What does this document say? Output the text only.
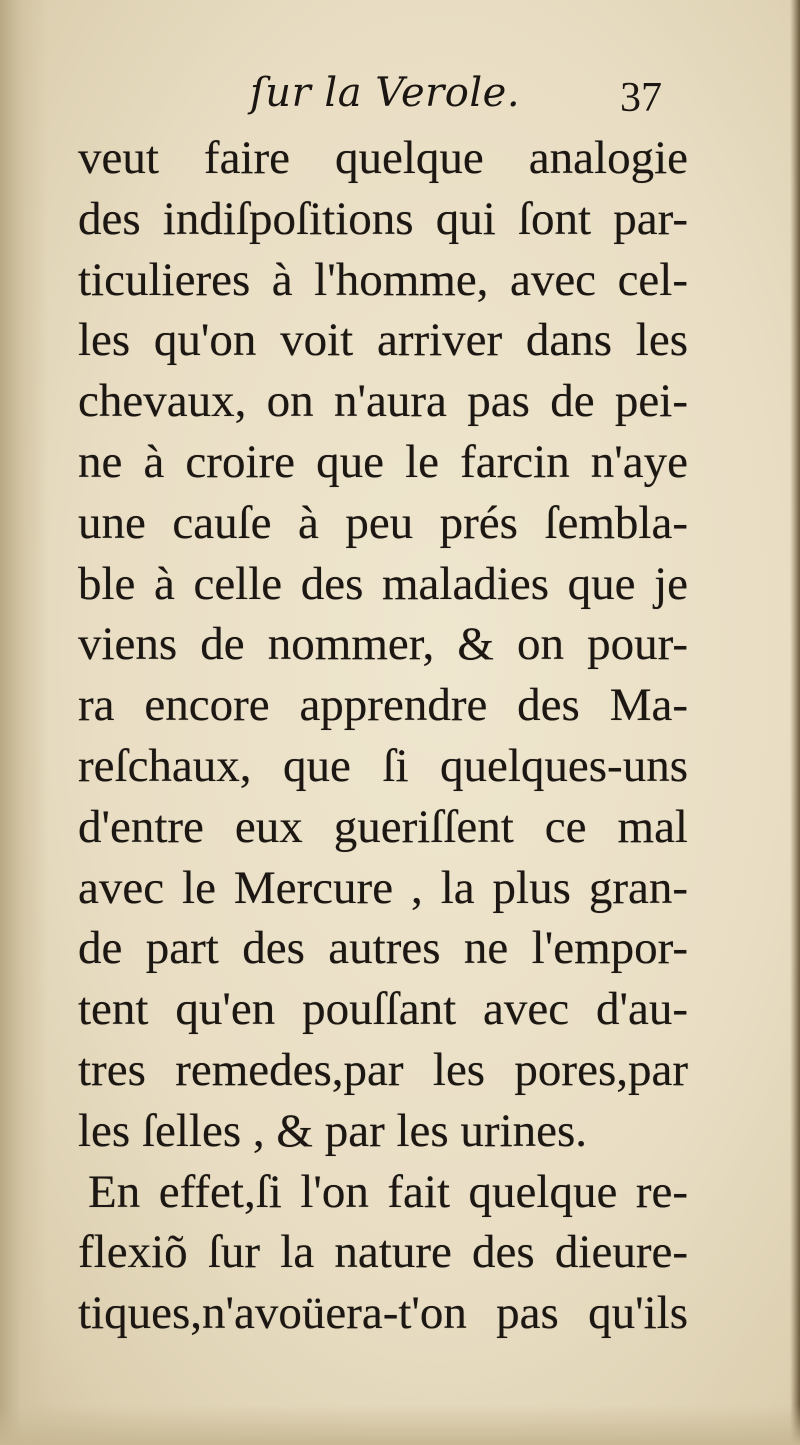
ſur la Verole. 37
veut faire quelque analogie
des indiſpoſitions qui ſont par-
ticulieres à l'homme, avec cel-
les qu'on voit arriver dans les
chevaux, on n'aura pas de pei-
ne à croire que le farcin n'aye
une cauſe à peu prés ſembla-
ble à celle des maladies que je
viens de nommer, & on pour-
ra encore apprendre des Ma-
reſchaux, que ſi quelques-uns
d'entre eux gueriſſent ce mal
avec le Mercure , la plus gran-
de part des autres ne l'empor-
tent qu'en pouſſant avec d'au-
tres remedes,par les pores,par
les ſelles , & par les urines.
En effet,ſi l'on fait quelque re-
flexiõ ſur la nature des dieure-
tiques,n'avoüera-t'on pas qu'ils
